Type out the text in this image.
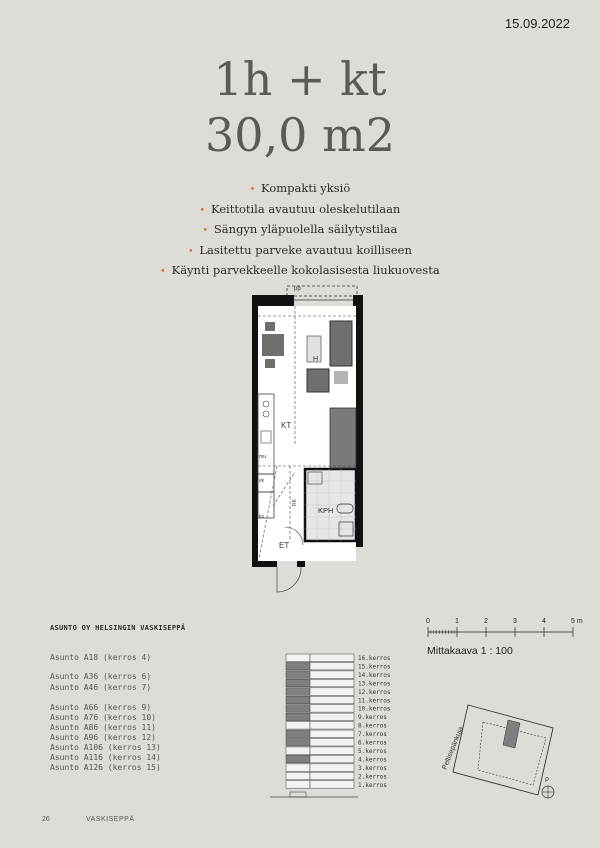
15.09.2022
1h + kt
30,0 m2
• Kompakti yksiö
• Keittotila avautuu oleskelutilaan
• Sängyn yläpuolella säilytystilaa
• Lasitettu parveke avautuu koilliseen
• Käynti parvekkeelle kokolasisesta liukuovesta
H
KT
KPH
ET
pp
RK
ks
mu
vk
ASUNTO OY HELSINGIN VASKISEPPÄ
Asunto A18 (kerros 4)
Asunto A36 (kerros 6)
Asunto A46 (kerros 7)
Asunto A66 (kerros 9)
Asunto A76 (kerros 10)
Asunto A86 (kerros 11)
Asunto A96 (kerros 12)
Asunto A106 (kerros 13)
Asunto A116 (kerros 14)
Asunto A126 (kerros 15)
16.kerros
15.kerros
14.kerros
13.kerros
12.kerros
11.kerros
10.kerros
9.kerros
8.kerros
7.kerros
6.kerros
5.kerros
4.kerros
3.kerros
2.kerros
1.kerros
0	1	2	3	4	5 m
Mittakaava 1 : 100
Peltisepänkuja
P
26	VASKISEPPÄ
